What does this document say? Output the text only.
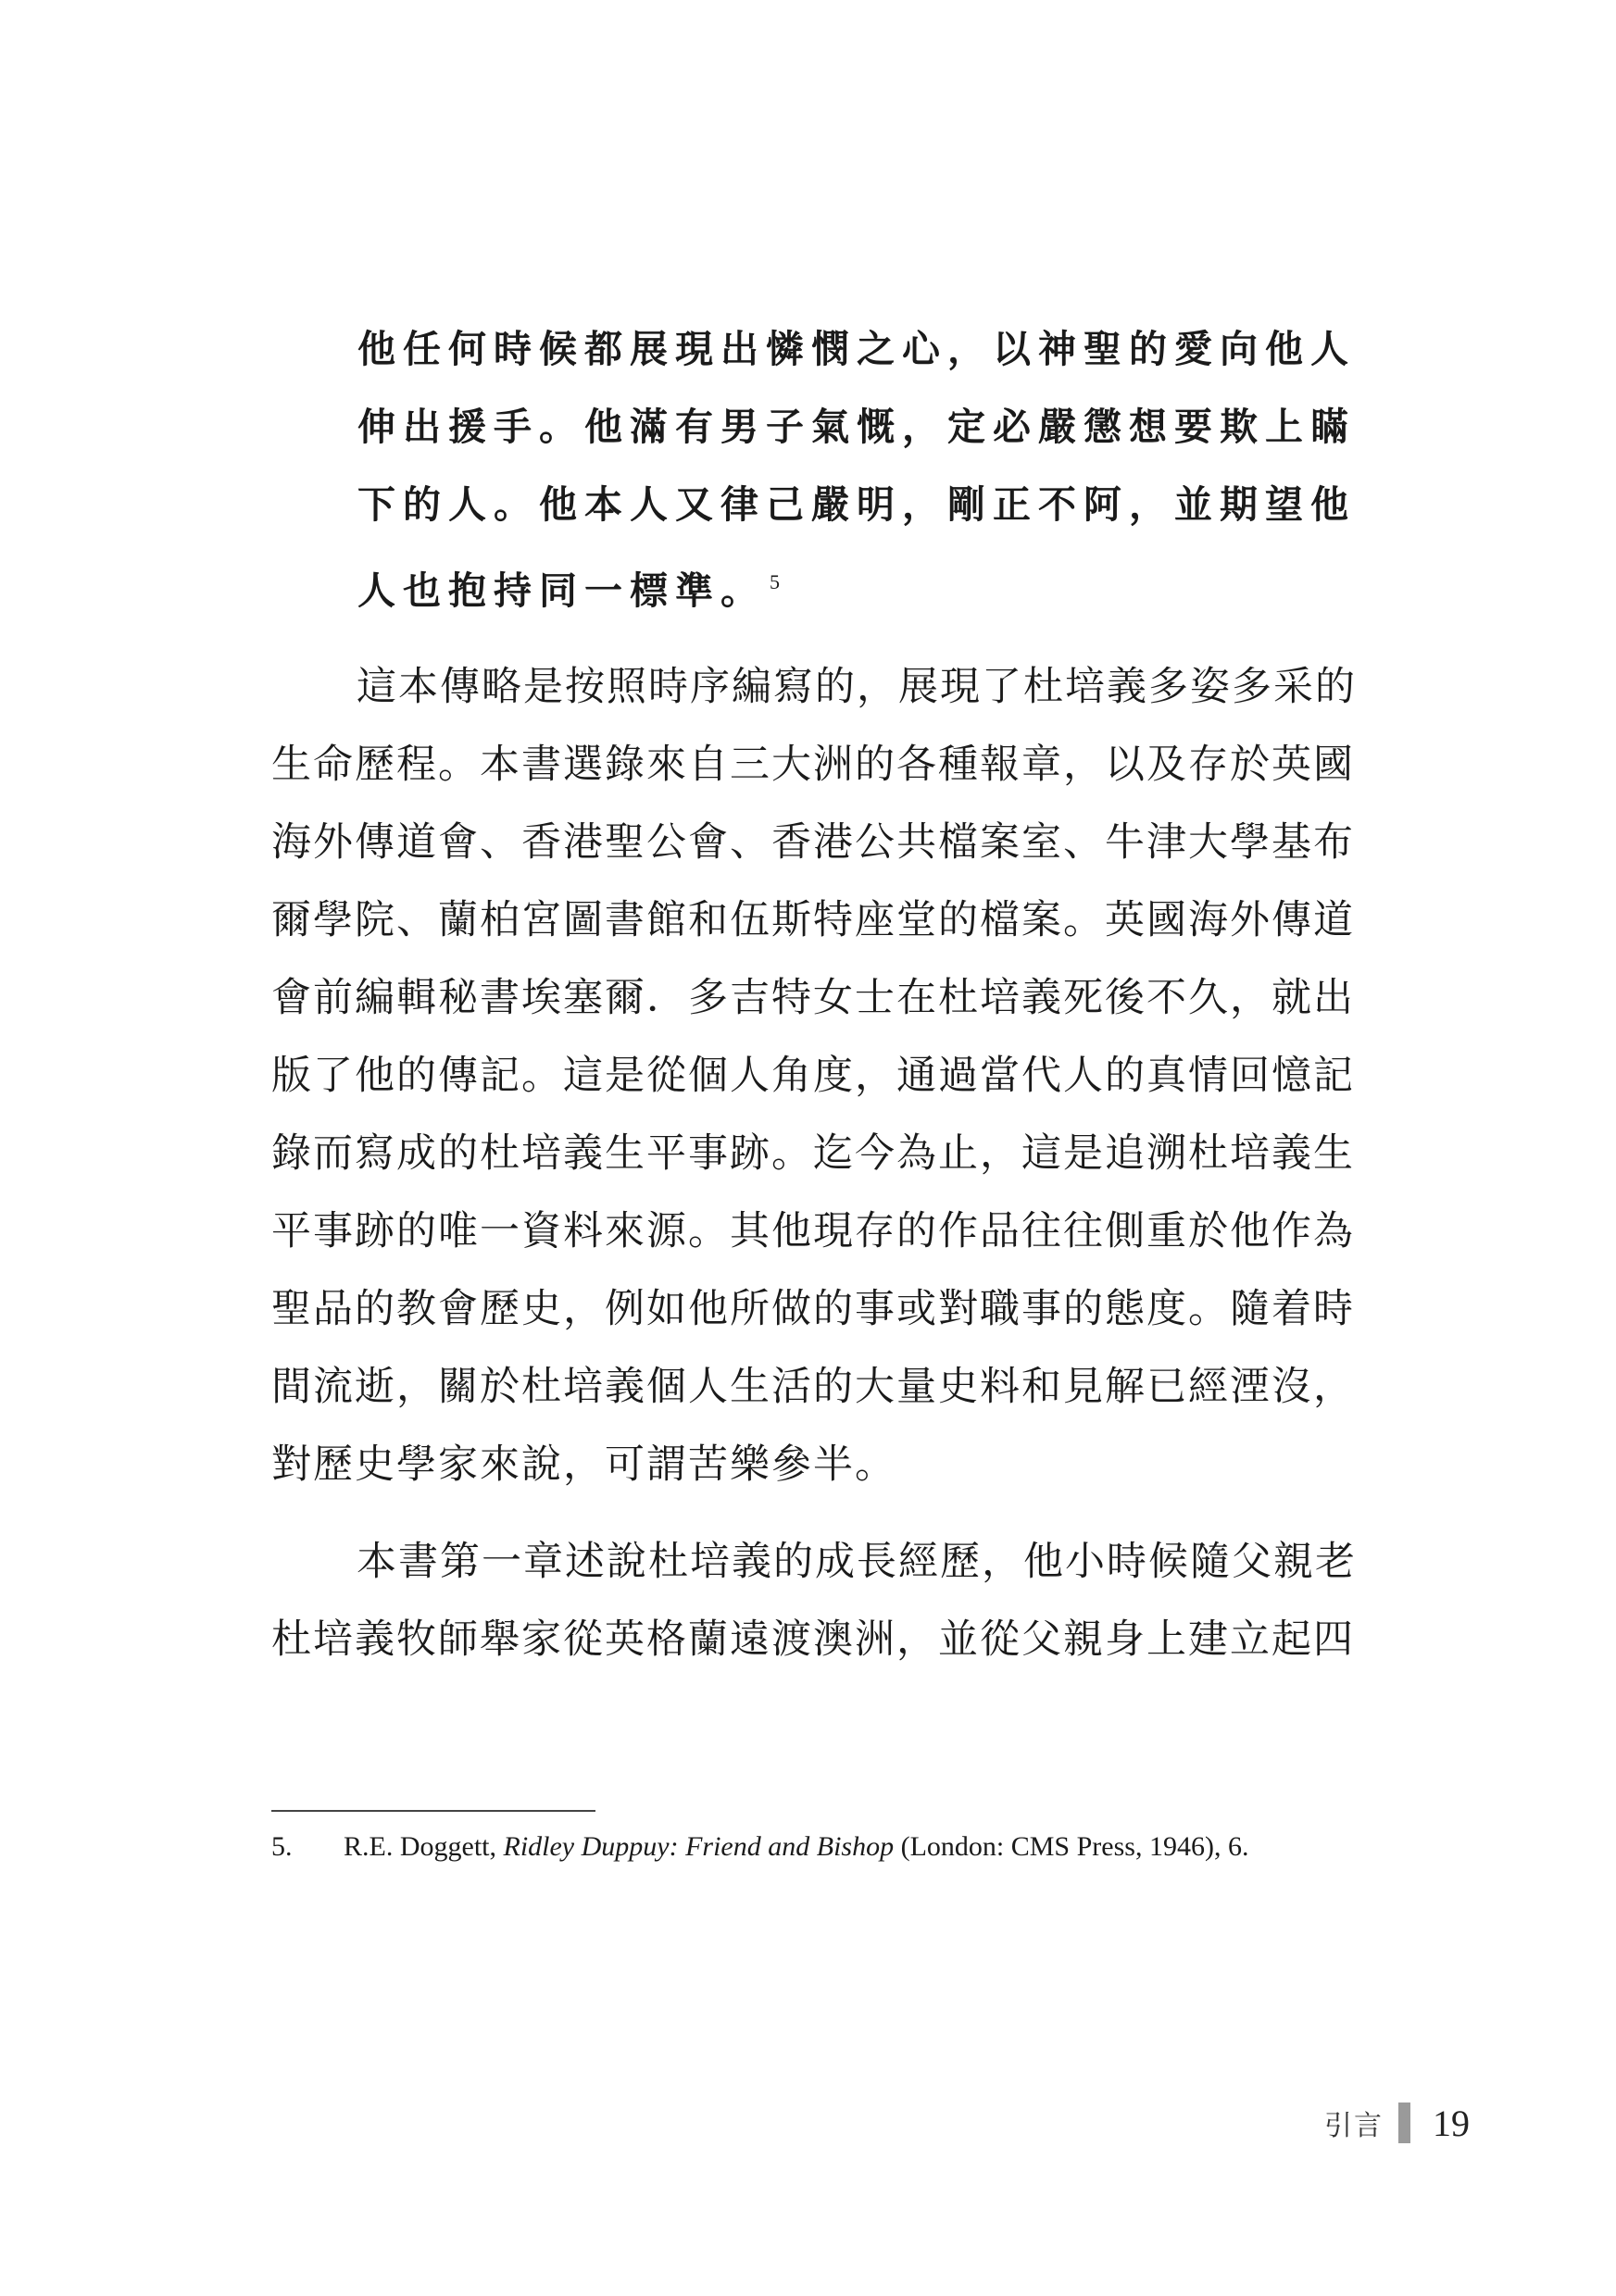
他任何時候都展現出憐憫之心，以神聖的愛向他人
伸出援手。他滿有男子氣慨，定必嚴懲想要欺上瞞
下的人。他本人又律己嚴明，剛正不阿，並期望他
人也抱持同一標準。 $^5$
這本傳略是按照時序編寫的，展現了杜培義多姿多采的
生命歷程。本書選錄來自三大洲的各種報章，以及存於英國
海外傳道會、香港聖公會、香港公共檔案室、牛津大學基布
爾學院、蘭柏宮圖書館和伍斯特座堂的檔案。英國海外傳道
會前編輯秘書埃塞爾．多吉特女士在杜培義死後不久，就出
版了他的傳記。這是從個人角度，通過當代人的真情回憶記
錄而寫成的杜培義生平事跡。迄今為止，這是追溯杜培義生
平事跡的唯一資料來源。其他現存的作品往往側重於他作為
聖品的教會歷史，例如他所做的事或對職事的態度。隨着時
間流逝，關於杜培義個人生活的大量史料和見解已經湮沒，
對歷史學家來說，可謂苦樂參半。
本書第一章述說杜培義的成長經歷，他小時候隨父親老
杜培義牧師舉家從英格蘭遠渡澳洲，並從父親身上建立起四
5. R.E. Doggett, Ridley Duppuy: Friend and Bishop (London: CMS Press, 1946), 6.
引言 19
